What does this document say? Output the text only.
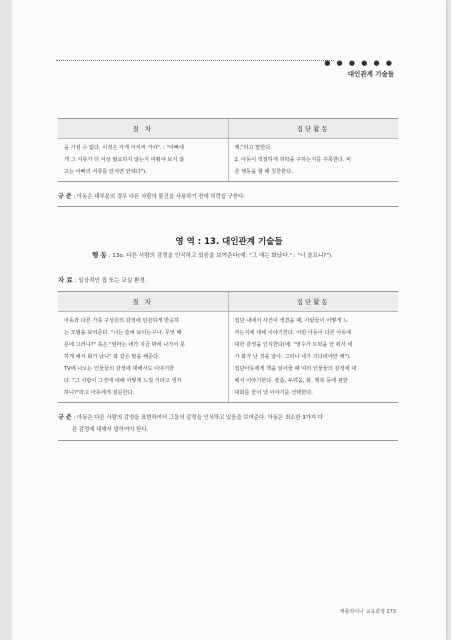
● ● ● ● ● ●
대인관계 기술들
절 차	집단활동

을 가질 수 없다. 이것은 가게 아저씨 거야". : "아빠에

게 그 서류가 더 이상 필요하지 않는지 여쭤야 보지 않

고는 아빠의 서류를 만지면 안돼다").

께,"라고 말한다.

2. 아동이 적절하게 허락을 구하는지를 주목한다. 바

른 행동을 할 때 칭찬한다.

규 준 : 아동은 대부분의 경우 다른 사람의 물건을 사용하기 전에 허락을 구한다.
영 역 : 13. 대인관계 기술들
행 동 : 13o. 다른 사람의 감정을 인식하고 있음을 보여준다(예: "그 애는 화났다." : "너 슬프니?").
자 료 : 일상적인 집 또는 교실 환경.
절 차	집단활동

아동과 다른 가족 구성원의 감정에 민감하게 반응하

는 모델을 보여준다. "너는 슬퍼 보이는구나. 무엇 때

문에 그러니?" 혹은 "엄마는 네가 지금 밖에 나가서 못

하게 해서 화가 났니" 와 같은 말을 해준다.

TV에 나오는 인물들의 감정에 대해서도 이야기한

다. "그 사람이 그것에 대해 어떻게 느낄 거라고 생각

하니?"라고 아동에게 질문한다.

집단 내에서 사건이 생겼을 때, 사람들이 어떻게 느

끼는지에 대해 이야기한다. 어떤 아동이 다른 아동에

대한 감정을 인식한다(예: "영수가 트럭을 안 줘서 네

가 화가 난 것을 알아. 그러나 네가 기다려야만 해").

집단아동에게 책을 읽어줄 때 여러 인물들의 감정에 대

해서 이야기한다. 슬픔, 두려움, 화, 행복 등에 관한

대화를 끌어 낼 이야기를 선택한다.

규 준 : 아동은 다른 사람의 감정을 표현하여서 그들의 감정을 인식하고 있음을 보여준다. 아동은 최소한 3가지 다
른 감정에 대해서 말하여야 한다.
캐롤라이나 교육과정 273
